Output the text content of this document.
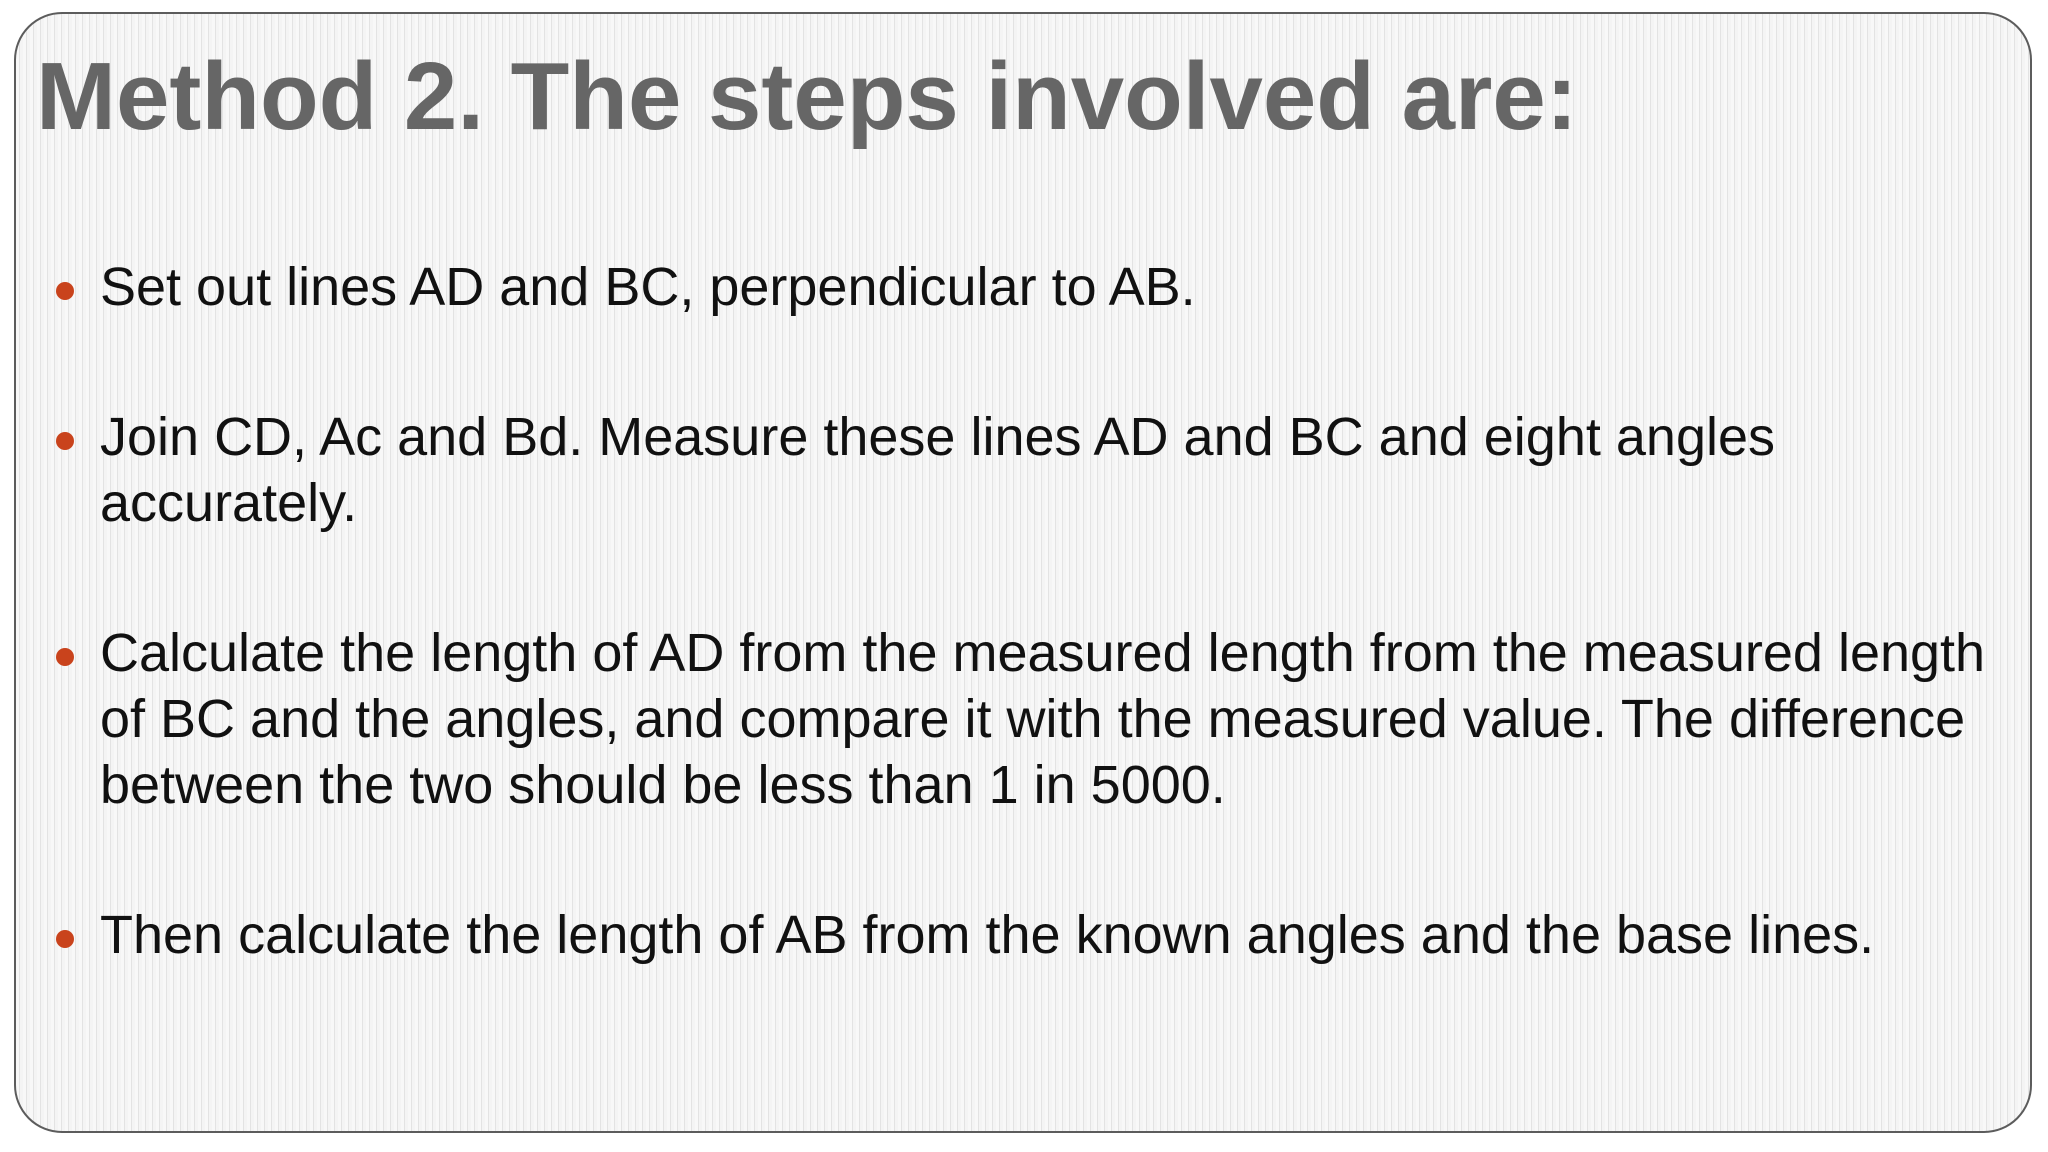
Method 2. The steps involved are:
Set out lines AD and BC, perpendicular to AB.
Join CD, Ac and Bd. Measure these lines AD and BC and eight angles accurately.
Calculate the length of AD from the measured length from the measured length of BC and the angles, and compare it with the measured value. The difference between the two should be less than 1 in 5000.
Then calculate the length of AB from the known angles and the base lines.
